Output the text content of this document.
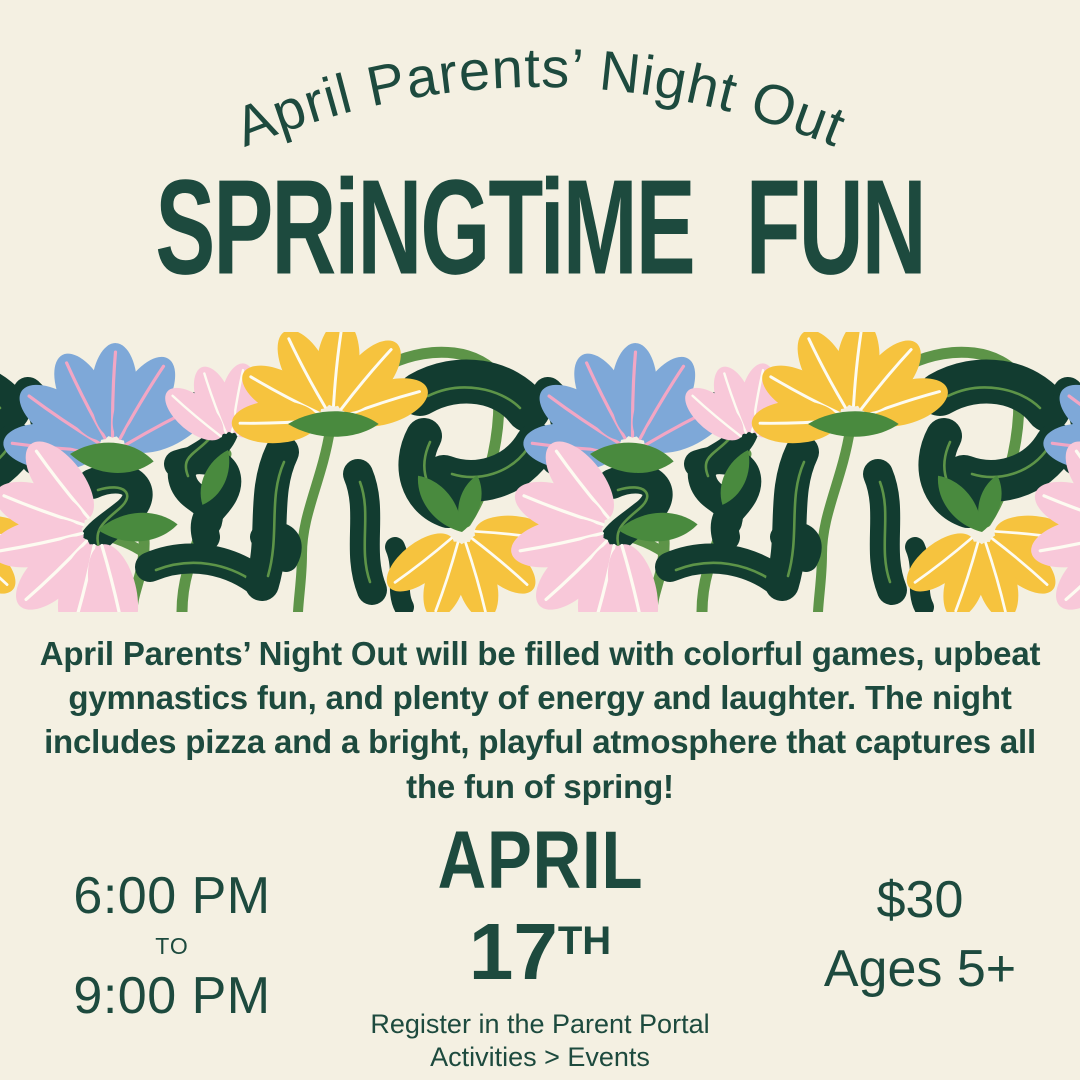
April Parents’ Night Out
SPRiNGTiME FUN

April Parents’ Night Out will be filled with colorful games, upbeat gymnastics fun, and plenty of energy and laughter. The night includes pizza and a bright, playful atmosphere that captures all the fun of spring!

6:00 PM
TO
9:00 PM
APRIL
17TH
$30
Ages 5+
Register in the Parent Portal
Activities > Events
